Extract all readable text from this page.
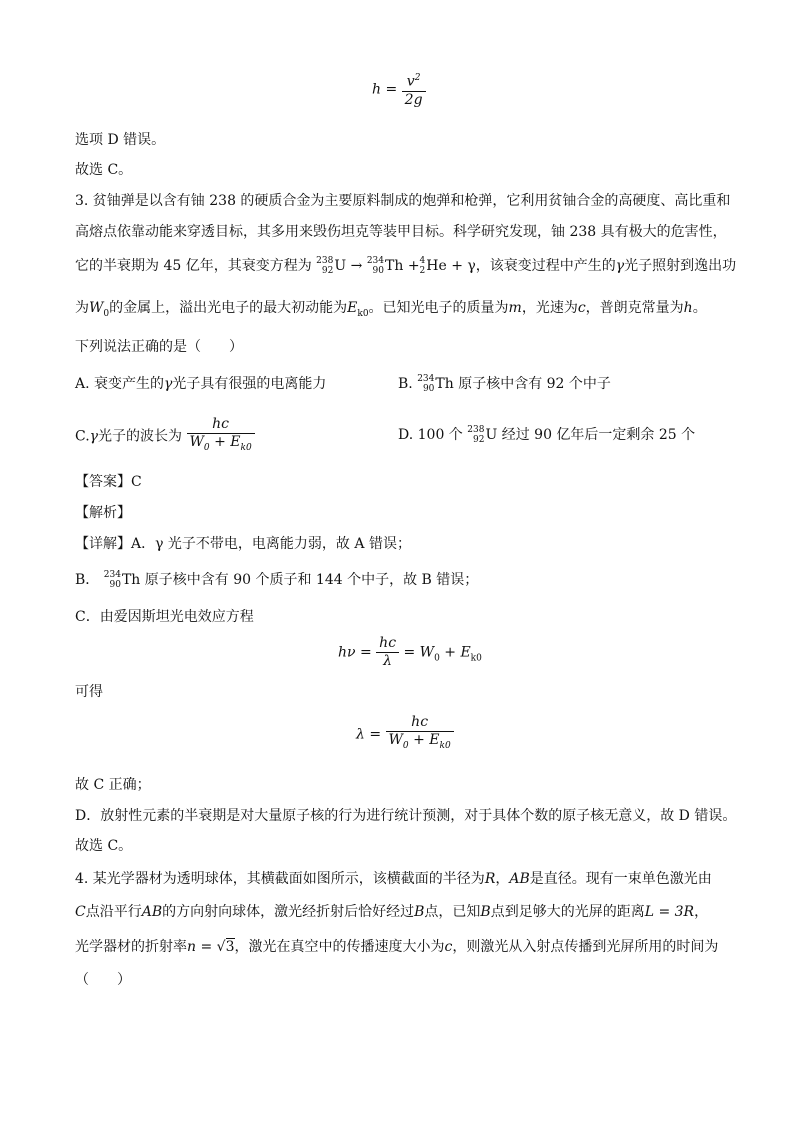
$h = \frac{v^2}{2g}$
选项 D 错误。
故选 C。
3. 贫铀弹是以含有铀 238 的硬质合金为主要原料制成的炮弹和枪弹，它利用贫铀合金的高硬度、高比重和
高熔点依靠动能来穿透目标，其多用来毁伤坦克等装甲目标。科学研究发现，铀 238 具有极大的危害性，
它的半衰期为 45 亿年，其衰变方程为 238
92 U → 234
90 Th + 4
2 He + γ，该衰变过程中产生的γ光子照射到逸出功
为$W_0$的金属上，溢出光电子的最大初动能为$E_{k0}$。已知光电子的质量为m，光速为c，普朗克常量为h。
下列说法正确的是（　　）
A. 衰变产生的γ光子具有很强的电离能力	B. 234
90 Th 原子核中含有 92 个中子
C.γ光子的波长为 $\frac{hc}{W_0 + E_{k0}}$	D. 100 个 238
92 U 经过 90 亿年后一定剩余 25 个
【答案】C
【解析】
【详解】A．γ 光子不带电，电离能力弱，故 A 错误；
B． 234
90 Th 原子核中含有 90 个质子和 144 个中子，故 B 错误；
C．由爱因斯坦光电效应方程
$h\nu = \frac{hc}{\lambda} = W_0 + E_{k0}$
可得
$\lambda = \frac{hc}{W_0 + E_{k0}}$
故 C 正确；
D．放射性元素的半衰期是对大量原子核的行为进行统计预测，对于具体个数的原子核无意义，故 D 错误。
故选 C。
4. 某光学器材为透明球体，其横截面如图所示，该横截面的半径为R，AB是直径。现有一束单色激光由
C点沿平行AB的方向射向球体，激光经折射后恰好经过B点，已知B点到足够大的光屏的距离L = 3R，
光学器材的折射率n = √3，激光在真空中的传播速度大小为c，则激光从入射点传播到光屏所用的时间为
（　　）
